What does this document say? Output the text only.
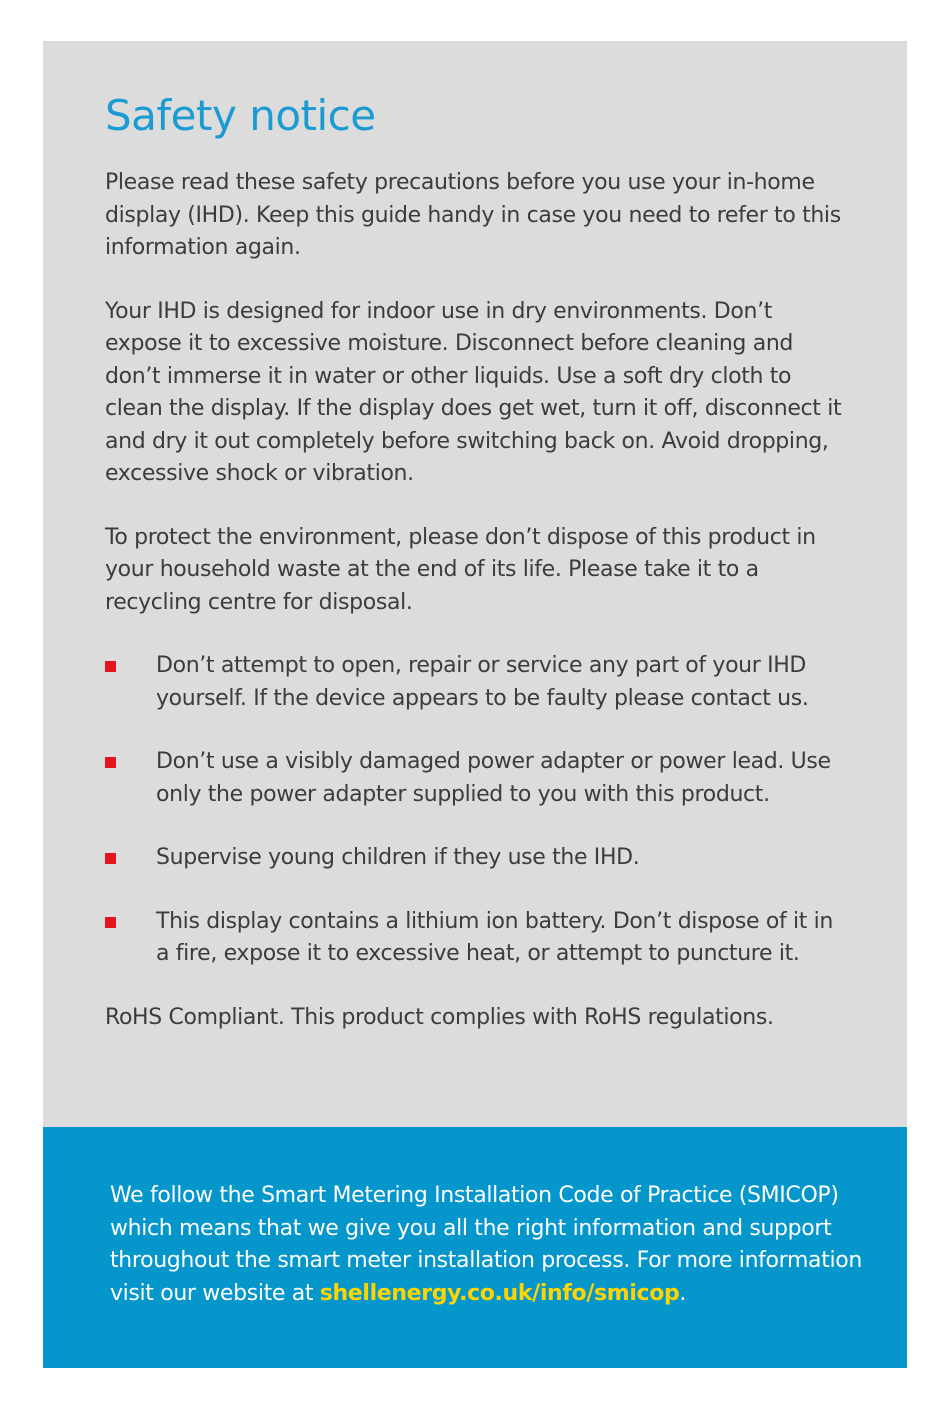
Safety notice

Please read these safety precautions before you use your in-home display (IHD). Keep this guide handy in case you need to refer to this information again.

Your IHD is designed for indoor use in dry environments. Don’t expose it to excessive moisture. Disconnect before cleaning and don’t immerse it in water or other liquids. Use a soft dry cloth to clean the display. If the display does get wet, turn it off, disconnect it and dry it out completely before switching back on. Avoid dropping, excessive shock or vibration.

To protect the environment, please don’t dispose of this product in your household waste at the end of its life. Please take it to a recycling centre for disposal.

Don’t attempt to open, repair or service any part of your IHD yourself. If the device appears to be faulty please contact us.
Don’t use a visibly damaged power adapter or power lead. Use only the power adapter supplied to you with this product.
Supervise young children if they use the IHD.
This display contains a lithium ion battery. Don’t dispose of it in a fire, expose it to excessive heat, or attempt to puncture it.

RoHS Compliant. This product complies with RoHS regulations.

We follow the Smart Metering Installation Code of Practice (SMICOP) which means that we give you all the right information and support throughout the smart meter installation process. For more information visit our website at shellenergy.co.uk/info/smicop.
